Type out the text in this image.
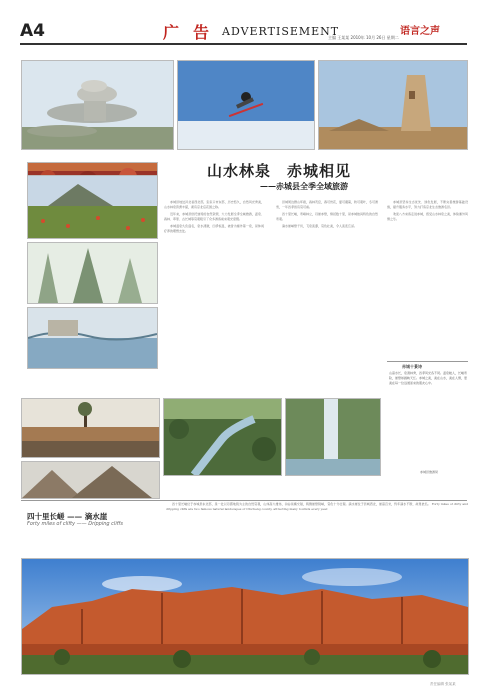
A4	广告
ADVERTISEMENT	语言之声
主编 王某某 2010年 10月 26日 星期二
山水林泉　赤城相见
——赤城县全季全域旅游

赤城县地处河北省西北部，张家口市东部，历史悠久，自然风光秀美，山水林泉资源丰富，素有京北后花园之称。

近年来，赤城县依托独特的自然资源，大力发展全季全域旅游，温泉、森林、草原、古长城等景观吸引了众多游客前来观光度假。

赤城温泉久负盛名，泉水清澈，四季恒温，被誉为塞外第一泉，是休闲疗养的理想去处。

县城周边群山环抱，森林茂密，春可赏花，夏可避暑，秋可观叶，冬可滑雪，一年四季皆有景可看。

四十里长嵯，奇峰林立，丹崖赤壁，绵延数十里，是赤城独具特色的自然奇观。

滴水崖峭壁千仞，飞泉流瀑，景色壮美，令人流连忘返。

赤城县坚持生态优先、绿色发展，不断完善旅游基础设施，提升服务水平，努力打造京北生态旅游名县。

欢迎八方来客走进赤城，感受山水林泉之美，体验塞外风情之乐。

赤城十景诗
山高水长，泉清林秀，四季风光各不同。温泉暖人，长嵯奇险，崖壁如画映天红。赤城之美，美在山水，美在人情，更美在每一位远道而来的朋友心中。
赤城县旅游局
四十里长嵯 —— 滴水崖
Forty miles of clifty —— Dripping cliffs

四十里长嵯位于赤城县东北部，是一处以丹霞地貌为主的自然景观，山体高大雄伟，沟谷纵横交错，两侧崖壁陡峭，景色十分壮观。滴水崖位于县城西北，崖高百米，终年滴水不断，故得此名。 Forty miles of clifty and dripping cliffs are two famous natural landscapes of Chicheng county, attracting many tourists every year.

责任编辑 张某某
